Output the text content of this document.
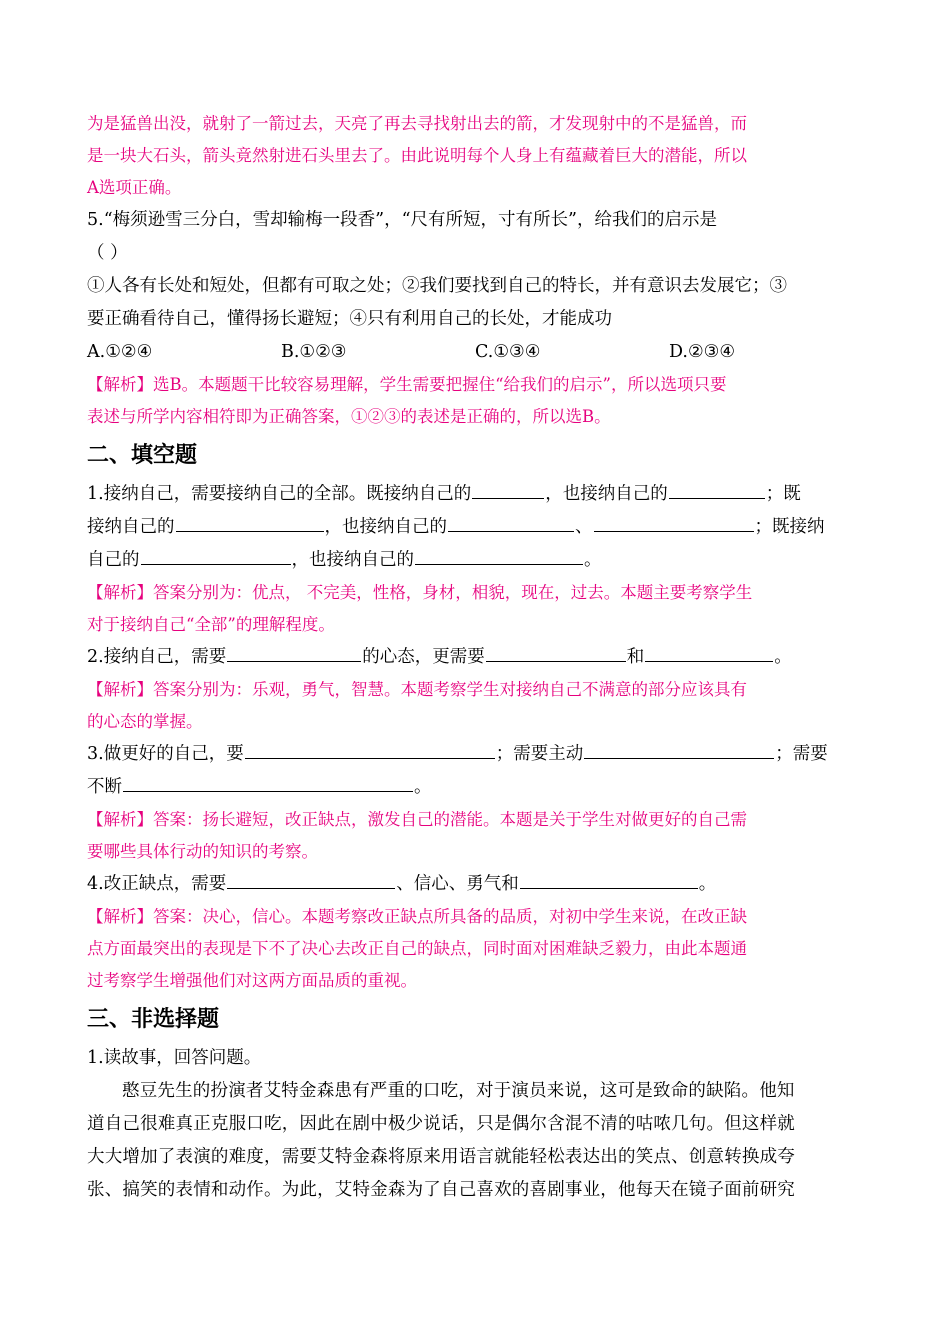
为是猛兽出没，就射了一箭过去，天亮了再去寻找射出去的箭，才发现射中的不是猛兽，而
是一块大石头，箭头竟然射进石头里去了。由此说明每个人身上有蕴藏着巨大的潜能，所以
A选项正确。
5.“梅须逊雪三分白，雪却输梅一段香”，“尺有所短，寸有所长”，给我们的启示是
（ ）
①人各有长处和短处，但都有可取之处；②我们要找到自己的特长，并有意识去发展它；③
要正确看待自己，懂得扬长避短；④只有利用自己的长处，才能成功
A.①②④	B.①②③	C.①③④	D.②③④
【解析】选B。本题题干比较容易理解，学生需要把握住“给我们的启示”，所以选项只要
表述与所学内容相符即为正确答案，①②③的表述是正确的，所以选B。
二、填空题
1.接纳自己，需要接纳自己的全部。既接纳自己的	，也接纳自己的	；既
接纳自己的	，也接纳自己的	、	；既接纳
自己的	，也接纳自己的	。
【解析】答案分别为：优点， 不完美，性格，身材，相貌，现在，过去。本题主要考察学生
对于接纳自己“全部”的理解程度。
2.接纳自己，需要	的心态，更需要	和	。
【解析】答案分别为：乐观，勇气，智慧。本题考察学生对接纳自己不满意的部分应该具有
的心态的掌握。
3.做更好的自己，要	；需要主动	；需要
不断	。
【解析】答案：扬长避短，改正缺点，激发自己的潜能。本题是关于学生对做更好的自己需
要哪些具体行动的知识的考察。
4.改正缺点，需要	、信心、勇气和	。
【解析】答案：决心，信心。本题考察改正缺点所具备的品质，对初中学生来说，在改正缺
点方面最突出的表现是下不了决心去改正自己的缺点，同时面对困难缺乏毅力，由此本题通
过考察学生增强他们对这两方面品质的重视。
三、非选择题
1.读故事，回答问题。
憨豆先生的扮演者艾特金森患有严重的口吃，对于演员来说，这可是致命的缺陷。他知
道自己很难真正克服口吃，因此在剧中极少说话，只是偶尔含混不清的咕哝几句。但这样就
大大增加了表演的难度，需要艾特金森将原来用语言就能轻松表达出的笑点、创意转换成夸
张、搞笑的表情和动作。为此，艾特金森为了自己喜欢的喜剧事业，他每天在镜子面前研究
